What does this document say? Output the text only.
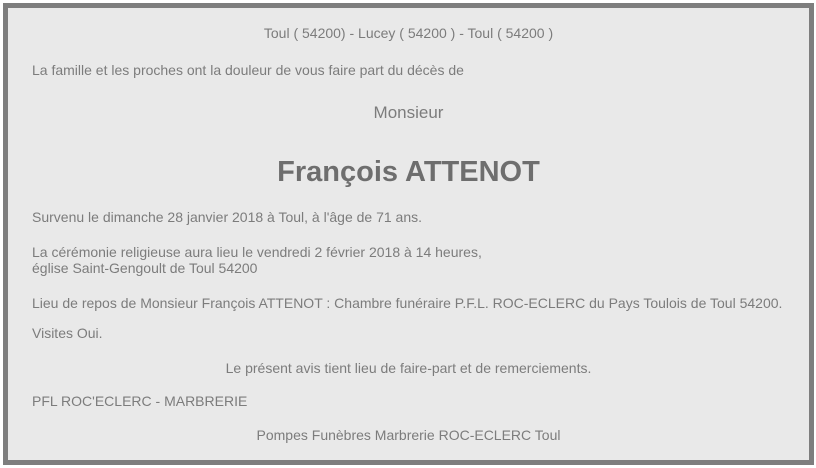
Toul ( 54200) - Lucey ( 54200 ) - Toul ( 54200 )
La famille et les proches ont la douleur de vous faire part du décès de
Monsieur
François ATTENOT
Survenu le dimanche 28 janvier 2018 à Toul, à l'âge de 71 ans.
La cérémonie religieuse aura lieu le vendredi 2 février 2018 à 14 heures,
église Saint-Gengoult de Toul 54200
Lieu de repos de Monsieur François ATTENOT : Chambre funéraire P.F.L. ROC-ECLERC du Pays Toulois de Toul 54200.
Visites Oui.
Le présent avis tient lieu de faire-part et de remerciements.
PFL ROC'ECLERC - MARBRERIE
Pompes Funèbres Marbrerie ROC-ECLERC Toul
